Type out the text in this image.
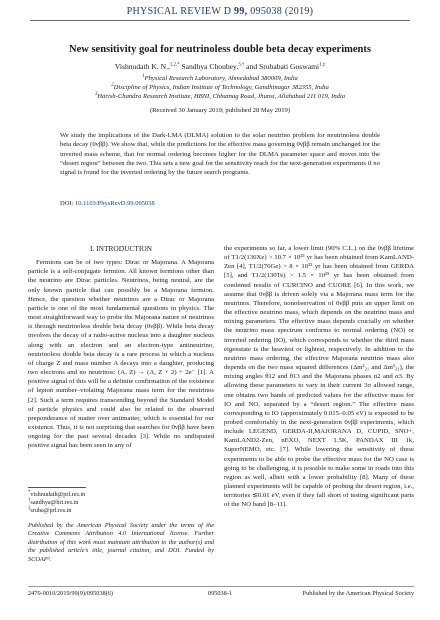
PHYSICAL REVIEW D 99, 095038 (2019)
New sensitivity goal for neutrinoless double beta decay experiments
Vishnudath K. N.,$^{1,2,*}$ Sandhya Choubey,$^{3,\dagger}$ and Srubabati Goswami$^{1,\ddagger}$
$^1$Physical Research Laboratory, Ahmedabad 380009, India
$^2$Discipline of Physics, Indian Institute of Technology, Gandhinagar 382355, India
$^3$Harish-Chandra Research Institute, HBNI, Chhatnag Road, Jhunsi, Allahabad 211 019, India
(Received 30 January 2019; published 28 May 2019)
We study the implications of the Dark-LMA (DLMA) solution to the solar neutrino problem for neutrinoless double beta decay (0νββ). We show that, while the predictions for the effective mass governing 0νββ remain unchanged for the inverted mass scheme, that for normal ordering becomes higher for the DLMA parameter space and moves into the “desert region” between the two. This sets a new goal for the sensitivity reach for the next-generation experiments if no signal is found for the inverted ordering by the future search programs.
DOI: 10.1103/PhysRevD.99.095038
I. INTRODUCTION

Fermions can be of two types: Dirac or Majorana. A Majorana particle is a self-conjugate fermion. All known fermions other than the neutrino are Dirac particles. Neutrinos, being neutral, are the only known particle that can possibly be a Majorana fermion. Hence, the question whether neutrinos are a Dirac or Majorana particle is one of the most fundamental questions in physics. The most straightforward way to probe the Majorana nature of neutrinos is through neutrinoless double beta decay (0νββ). While beta decay involves the decay of a radio-active nucleus into a daughter nucleus along with an electron and an electron-type antineutrino, neutrinoless double beta decay is a rare process in which a nucleus of charge Z and mass number A decays into a daughter, producing two electrons and no neutrinos: (A, Z) → (A, Z + 2) + 2e⁻ [1]. A positive signal of this will be a definite confirmation of the existence of lepton number–violating Majorana mass term for the neutrinos [2]. Such a term requires transcending beyond the Standard Model of particle physics and could also be related to the observed preponderance of matter over antimatter, which is essential for our existence. Thus, it is not surprising that searches for 0νββ have been ongoing for the past several decades [3]. While no undisputed positive signal has been seen in any of

the experiments so far, a lower limit (90% C.L.) on the 0νββ lifetime of T1/2(136Xe) > 10.7 × 10²⁵ yr has been obtained from KamLAND-Zen [4], T1/2(76Ge) > 8 × 10²⁵ yr has been obtained from GERDA [5], and T1/2(130Te) > 1.5 × 10²⁵ yr has been obtained from combined results of CURCINO and CUORE [6]. In this work, we assume that 0νββ is driven solely via a Majorana mass term for the neutrinos. Therefore, nonobservation of 0νββ puts an upper limit on the effective neutrino mass, which depends on the neutrino mass and mixing parameters. The effective mass depends crucially on whether the neutrino mass spectrum conforms to normal ordering (NO) or inverted ordering (IO), which corresponds to whether the third mass eigenstate is the heaviest or lightest, respectively. In addition to the neutrino mass ordering, the effective Majorana neutrino mass also depends on the two mass squared differences (Δm²₂₁ and Δm²₃₁), the mixing angles θ12 and θ13 and the Majorana phases α2 and α3. By allowing these parameters to vary in their current 3σ allowed range, one obtains two bands of predicted values for the effective mass for IO and NO, separated by a “desert region.” The effective mass corresponding to IO (approximately 0.015–0.05 eV) is expected to be probed comfortably in the next-generation 0νββ experiments, which include LEGEND, GERDA-II,MAJORANA D, CUPID, SNO+, KamLAND2-Zen, nEXO, NEXT 1.5K, PANDAX III 1k, SuperNEMO, etc. [7]. While lowering the sensitivity of these experiments to be able to probe the effective mass for the NO case is going to be challenging, it is possible to make some in roads into this region as well, albeit with a lower probability [8]. Many of these planned experiments will be capable of probing the desert region, i.e., territories ≲0.01 eV, even if they fall short of testing significant parts of the NO band [8–11].

*vishnudath@prl.res.in
†sandhya@hri.res.in
‡sruba@prl.res.in
Published by the American Physical Society under the terms of the Creative Commons Attribution 4.0 International license. Further distribution of this work must maintain attribution to the author(s) and the published article’s title, journal citation, and DOI. Funded by SCOAP³.
2470-0010/2019/99(9)/095038(6)	095038-1	Published by the American Physical Society
